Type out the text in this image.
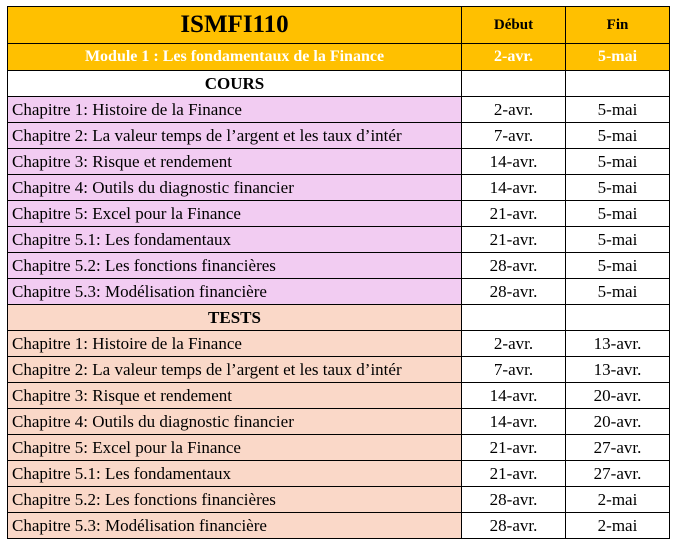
ISMFI110	Début	Fin
Module 1 : Les fondamentaux de la Finance	2-avr.	5-mai
COURS		
Chapitre 1: Histoire de la Finance	2-avr.	5-mai
Chapitre 2: La valeur temps de l’argent et les taux d’intér	7-avr.	5-mai
Chapitre 3: Risque et rendement	14-avr.	5-mai
Chapitre 4: Outils du diagnostic financier	14-avr.	5-mai
Chapitre 5: Excel pour la Finance	21-avr.	5-mai
Chapitre 5.1: Les fondamentaux	21-avr.	5-mai
Chapitre 5.2: Les fonctions financières	28-avr.	5-mai
Chapitre 5.3: Modélisation financière	28-avr.	5-mai
TESTS		
Chapitre 1: Histoire de la Finance	2-avr.	13-avr.
Chapitre 2: La valeur temps de l’argent et les taux d’intér	7-avr.	13-avr.
Chapitre 3: Risque et rendement	14-avr.	20-avr.
Chapitre 4: Outils du diagnostic financier	14-avr.	20-avr.
Chapitre 5: Excel pour la Finance	21-avr.	27-avr.
Chapitre 5.1: Les fondamentaux	21-avr.	27-avr.
Chapitre 5.2: Les fonctions financières	28-avr.	2-mai
Chapitre 5.3: Modélisation financière	28-avr.	2-mai
